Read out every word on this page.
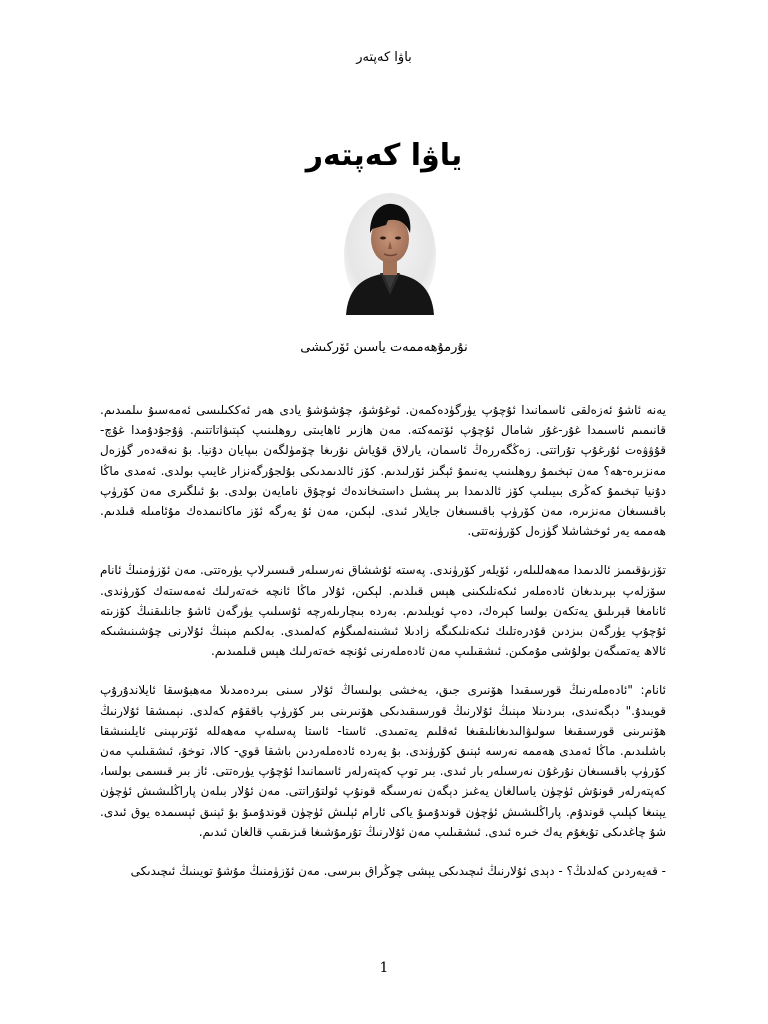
باۋا كەپتەر
ياۋا كەپتەر
نۇرمۇھەممەت ياسىن ئۆركىشى

يەنە ئاشۇ ئەزەلقى ئاسمانىدا ئۇچۇپ يۈرگۈدەكمەن. ئوغۇشۇ، چۇشۇشۇ يادى ھەر ئەككىلىسى ئەمەسىۇ ىىلمىدىم. قانىمىم ئاسىمدا غۇر-غۇر شامال ئۇچۇپ ئۆتمەكتە. مەن ھازىر ئاھايىتى روھلىنىپ كېتىۋاتاتتىم. ۋۇجۇدۇمدا غۇچ-قۇۋۋەت ئۇرغۇپ تۇراتتى. زەڭگەررەڭ ئاسمان، يارلاق قۇياش نۇرىغا چۆمۈلگەن بىپايان دۇنيا. بۇ نەقەدەر گۈزەل مەنزىرە-ھە؟ مەن تېخىمۇ روھلىنىپ يەنىمۇ ئېگىز ئۆرلىدىم. كۆز ئالدىمدىكى بۇلجۇرگەنزار غايىپ بولدى. ئەمدى ماڭا دۇنيا تېخىمۇ كەڭرى بىيىلىپ كۆز ئالدىمدا بىر پىشىل داستىخاندەك ئوچۇق نامايەن بولدى. بۇ ئىلگىرى مەن كۆرۈپ باقىسىغان مەنزىرە، مەن كۆرۈپ باقىسىغان جايلار ئىدى. لېكىن، مەن ئۇ يەرگە ئۆز ماكانىمدەك مۇئامىلە قىلدىم. ھەممە يەر ئوخشاشلا گۈزەل كۆرۈنەتتى.

تۆزىۋقىمىز ئالدىمدا مەھەللىلەر، ئۆيلەر كۆرۈندى. پەستە ئۇششاق نەرسىلەر قىسىرلاپ يۈرەتتى. مەن ئۆزۈمنىڭ ئانام سۆزلەپ بېرىدىغان ئادەملەر ئىكەنلىكىنى ھېس قىلدىم. لېكىن، ئۇلار ماڭا ئانچە خەتەرلىك ئەمەستەك كۆرۈندى. ئانامغا قېرىلىق يەتكەن بولسا كېرەك، دەپ ئويلىدىم. بەردە بىچارىلەرچە ئۇسىلىپ يۈرگەن ئاشۇ جانلىقنىڭ كۆزىتە ئۇچۇپ يۈرگەن بىزدىن قۇدرەتلىك ئىكەنلىكىگە زادىلا ئىشىنەلمىگۈم كەلمىدى. بەلكىم مېنىڭ ئۇلارنى چۇشىنىشىكە ئالاھ يەتمىگەن بولۇشى مۇمكىن. ئىشقىلىپ مەن ئادەملەرنى ئۇنچە خەتەرلىك ھېس قىلمىدىم.

ئانام: "ئادەملەرنىڭ قورسىقىدا ھۆنىرى جىق، يەخشى بولىساڭ ئۇلار سىنى بىردەمدىلا مەھبۇسقا ئايلاندۇرۇپ قويىدۇ." دېگەنىدى، بىردىنلا مېنىڭ ئۇلارنىڭ قورسىقىدىكى ھۆنىرىنى بىر كۆرۈپ باققۇم كەلدى. نېمىشقا ئۇلارنىڭ ھۆنىرىنى قورسىقىغا سولىۋالىدىغانلىقىغا ئەقلىم يەتمىدى. ئاستا- ئاستا پەسلەپ مەھەللە ئۆترىپىنى ئايلىنىشقا باشلىدىم. ماڭا ئەمدى ھەممە نەرسە ئېنىق كۆرۈندى. بۇ يەردە ئادەملەردىن باشقا قوي- كالا، توخۇ، ئىشقىلىپ مەن كۆرۈپ باقىسىغان نۇرغۇن نەرسىلەر بار ئىدى. بىر توپ كەپتەرلەر ئاسمانىدا ئۇچۇپ يۈرەتتى. ئاز بىر قىسمى بولسا، كەپتەرلەر قونۇش ئۈچۈن ياسالغان يەغىز دېگەن نەرسىگە قونۇپ ئولتۇراتتى. مەن ئۇلار بىلەن پاراڭلىشىش ئۈچۈن يېنىغا كېلىپ قوندۇم. پاراڭلىشىش ئۈچۈن قوندۇمىۇ ياكى ئارام ئېلىش ئۈچۈن قوندۇمىۇ بۇ ئېنىق ئېسىمدە يوق ئىدى. شۇ چاغدىكى تۇيغۇم يەك خىرە ئىدى. ئىشقىلىپ مەن ئۇلارنىڭ تۇرمۇشىغا قىزىقىپ قالغان ئىدىم.

- قەيەردىن كەلدىڭ؟ - دېدى ئۇلارنىڭ ئىچىدىكى يېشى چوڭراق بىرسى. مەن ئۆزۈمنىڭ مۇشۇ تويىنىڭ ئىچىدىكى

1
